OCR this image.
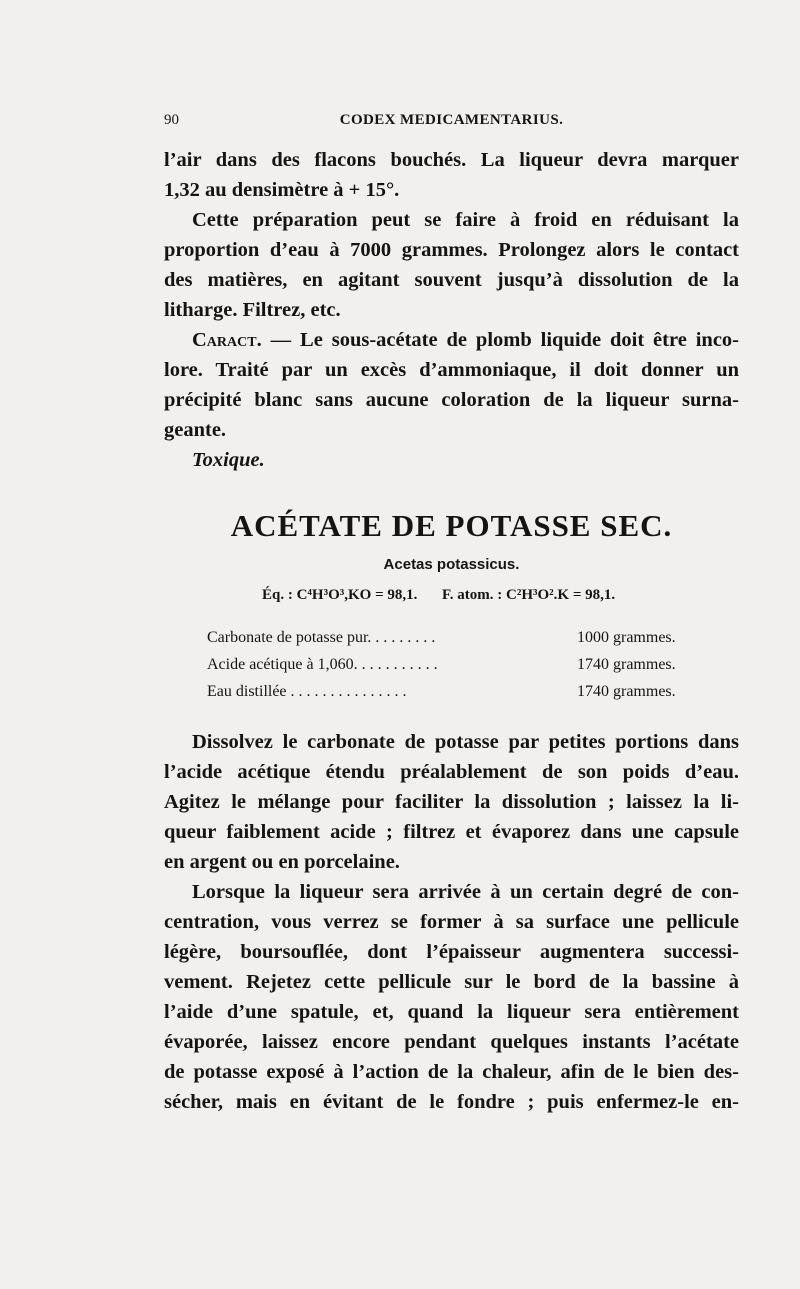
90	CODEX MEDICAMENTARIUS.
l’air dans des flacons bouchés. La liqueur devra marquer
1,32 au densimètre à + 15°.
Cette préparation peut se faire à froid en réduisant la
proportion d’eau à 7000 grammes. Prolongez alors le contact
des matières, en agitant souvent jusqu’à dissolution de la
litharge. Filtrez, etc.
Caract. — Le sous-acétate de plomb liquide doit être inco-
lore. Traité par un excès d’ammoniaque, il doit donner un
précipité blanc sans aucune coloration de la liqueur surna-
geante.
Toxique.
ACÉTATE DE POTASSE SEC.
Acetas potassicus.
Éq. : C⁴H³O³,KO = 98,1. F. atom. : C²H³O².K = 98,1.
Carbonate de potasse pur. . . . . . . . .	1000 grammes.
Acide acétique à 1,060. . . . . . . . . . .	1740 grammes.
Eau distillée . . . . . . . . . . . . . . .	1740 grammes.
Dissolvez le carbonate de potasse par petites portions dans
l’acide acétique étendu préalablement de son poids d’eau.
Agitez le mélange pour faciliter la dissolution ; laissez la li-
queur faiblement acide ; filtrez et évaporez dans une capsule
en argent ou en porcelaine.
Lorsque la liqueur sera arrivée à un certain degré de con-
centration, vous verrez se former à sa surface une pellicule
légère, boursouflée, dont l’épaisseur augmentera successi-
vement. Rejetez cette pellicule sur le bord de la bassine à
l’aide d’une spatule, et, quand la liqueur sera entièrement
évaporée, laissez encore pendant quelques instants l’acétate
de potasse exposé à l’action de la chaleur, afin de le bien des-
sécher, mais en évitant de le fondre ; puis enfermez-le en-
